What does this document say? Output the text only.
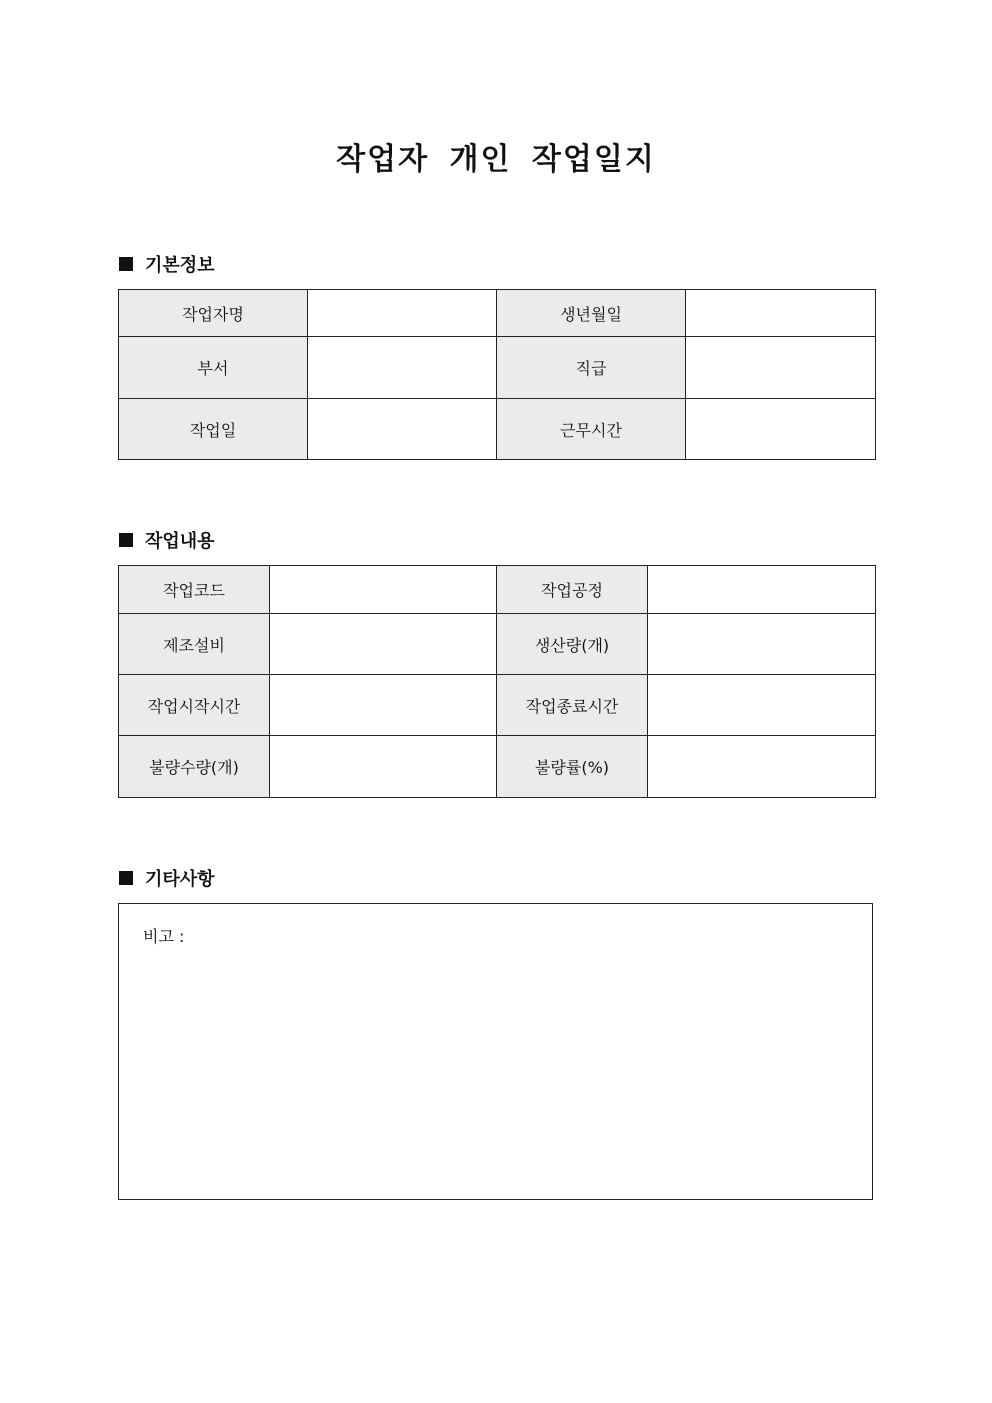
작업자 개인 작업일지
기본정보
작업자명		생년월일	
부서		직급	
작업일		근무시간	
작업내용
작업코드		작업공정	
제조설비		생산량(개)	
작업시작시간		작업종료시간	
불량수량(개)		불량률(%)	
기타사항
비고 :
